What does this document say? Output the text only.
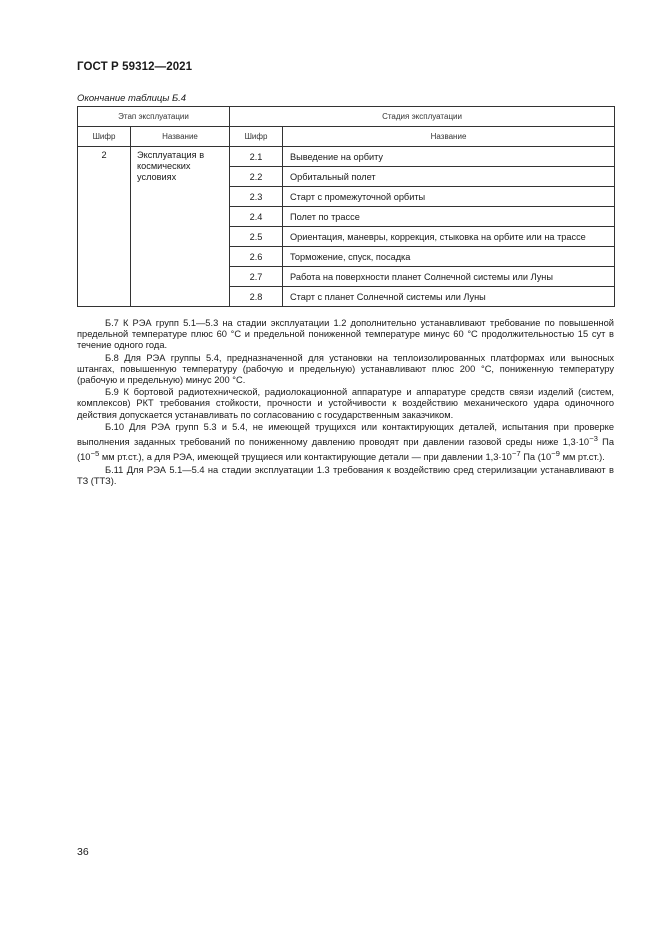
ГОСТ Р 59312—2021
Окончание таблицы Б.4
Этап эксплуатации		Стадия эксплуатации	
Шифр	Название	Шифр	Название
2	Эксплуатация в космических условиях	2.1	Выведение на орбиту
		2.2	Орбитальный полет
		2.3	Старт с промежуточной орбиты
		2.4	Полет по трассе
		2.5	Ориентация, маневры, коррекция, стыковка на орбите или на трассе
		2.6	Торможение, спуск, посадка
		2.7	Работа на поверхности планет Солнечной системы или Луны
		2.8	Старт с планет Солнечной системы или Луны

Б.7 К РЭА групп 5.1—5.3 на стадии эксплуатации 1.2 дополнительно устанавливают требование по повышенной предельной температуре плюс 60 °С и предельной пониженной температуре минус 60 °С продолжительностью 15 сут в течение одного года.

Б.8 Для РЭА группы 5.4, предназначенной для установки на теплоизолированных платформах или выносных штангах, повышенную температуру (рабочую и предельную) устанавливают плюс 200 °С, пониженную температуру (рабочую и предельную) минус 200 °С.

Б.9 К бортовой радиотехнической, радиолокационной аппаратуре и аппаратуре средств связи изделий (систем, комплексов) РКТ требования стойкости, прочности и устойчивости к воздействию механического удара одиночного действия допускается устанавливать по согласованию с государственным заказчиком.

Б.10 Для РЭА групп 5.3 и 5.4, не имеющей трущихся или контактирующих деталей, испытания при проверке выполнения заданных требований по пониженному давлению проводят при давлении газовой среды ниже $1,3\cdot 10^{-3}$ Па ($10^{-5}$ мм рт.ст.), а для РЭА, имеющей трущиеся или контактирующие детали — при давлении $1,3\cdot 10^{-7}$ Па ($10^{-9}$ мм рт.ст.).

Б.11 Для РЭА 5.1—5.4 на стадии эксплуатации 1.3 требования к воздействию сред стерилизации устанавливают в ТЗ (ТТЗ).

36
